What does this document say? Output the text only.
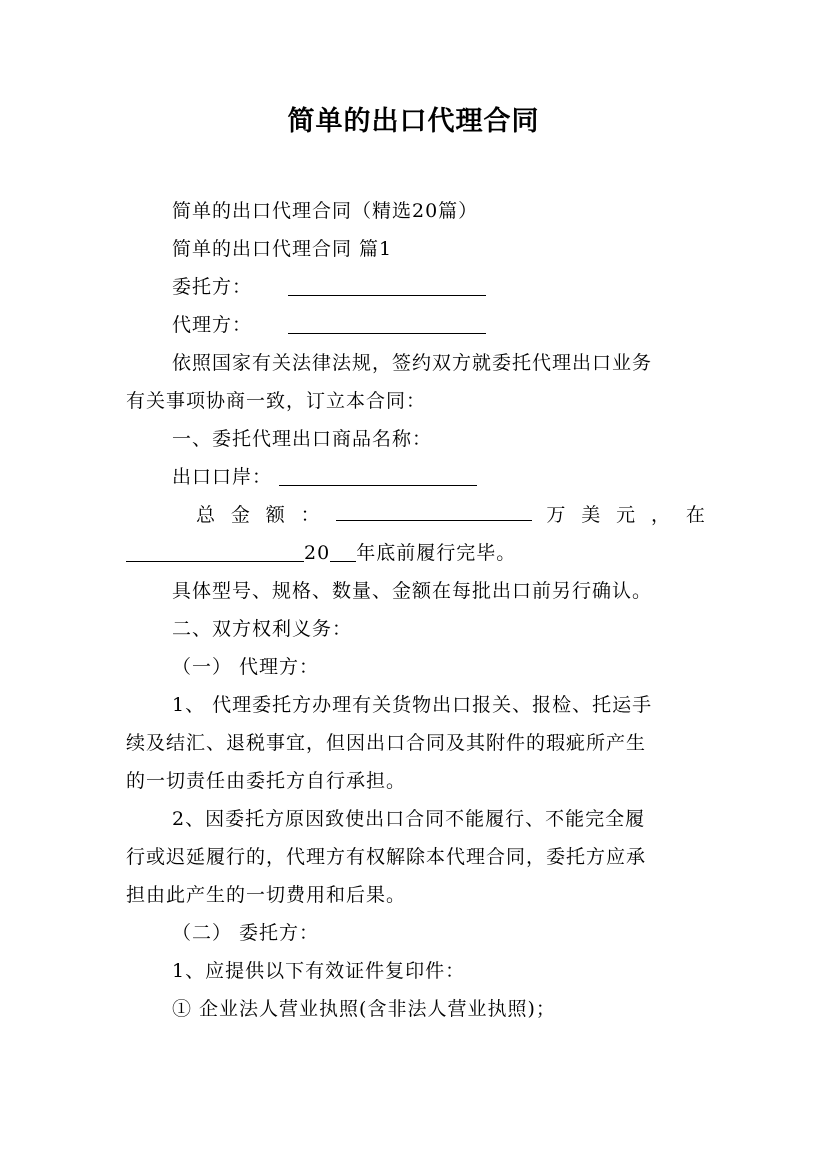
简单的出口代理合同
简单的出口代理合同（精选20篇）
简单的出口代理合同 篇1
委托方：
代理方：
依照国家有关法律法规，签约双方就委托代理出口业务
有关事项协商一致，订立本合同：
一、委托代理出口商品名称：
出口口岸：
总 金 额 ：	万 美 元 ， 在
20 年底前履行完毕。
具体型号、规格、数量、金额在每批出口前另行确认。
二、双方权利义务：
（一） 代理方：
1、 代理委托方办理有关货物出口报关、报检、托运手
续及结汇、退税事宜，但因出口合同及其附件的瑕疵所产生
的一切责任由委托方自行承担。
2、因委托方原因致使出口合同不能履行、不能完全履
行或迟延履行的，代理方有权解除本代理合同，委托方应承
担由此产生的一切费用和后果。
（二） 委托方：
1、应提供以下有效证件复印件：
① 企业法人营业执照(含非法人营业执照)；
